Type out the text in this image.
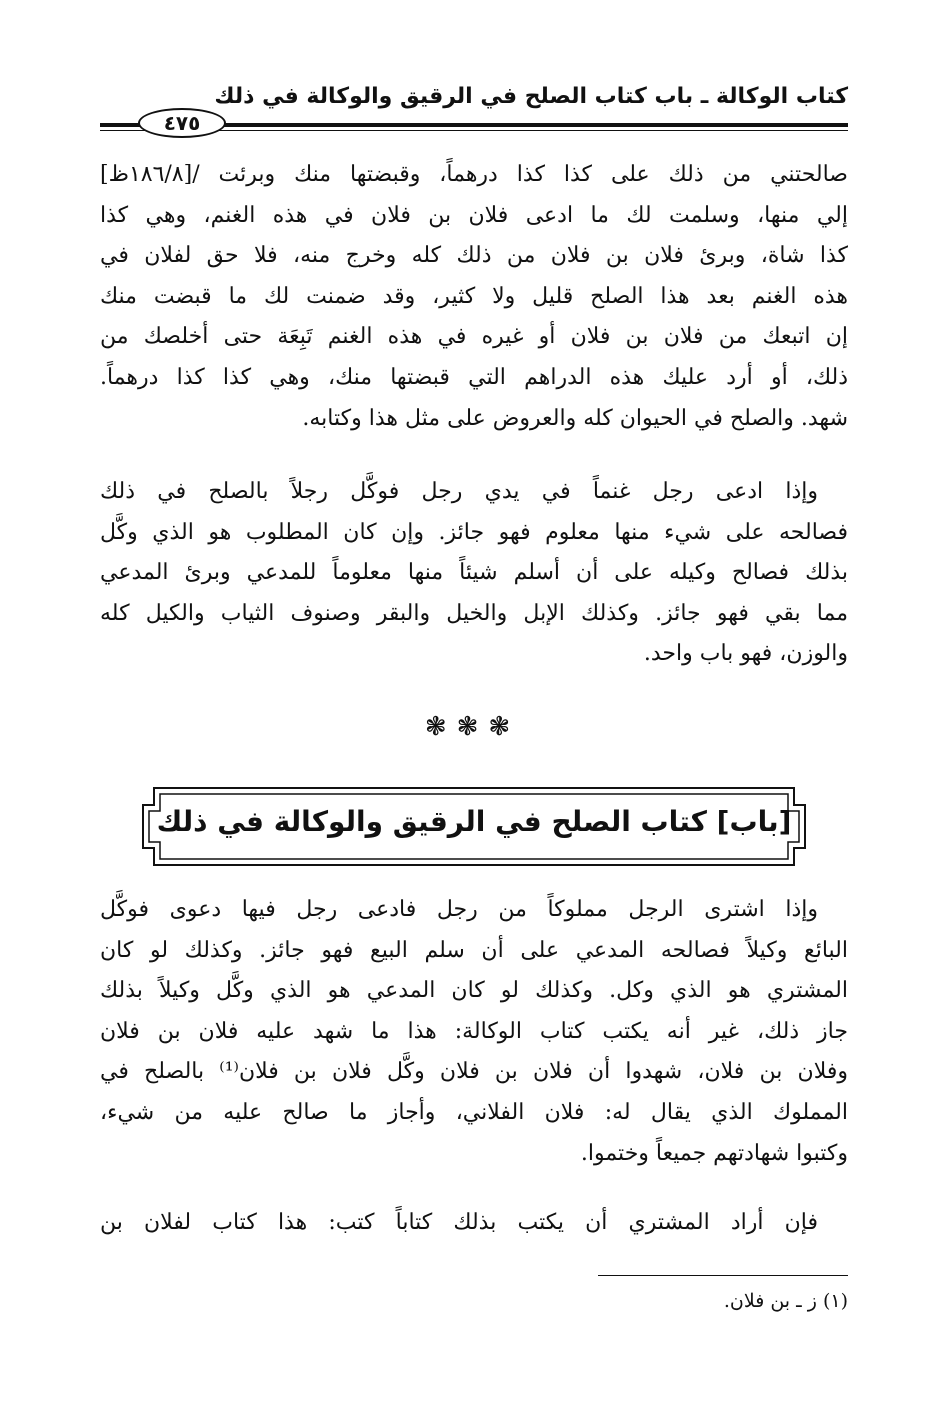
كتاب الوكالة ـ باب كتاب الصلح في الرقيق والوكالة في ذلك
٤٧٥
صالحتني من ذلك على كذا كذا درهماً، وقبضتها منك وبرئت /[١٨٦/٨ظ]
إلي منها، وسلمت لك ما ادعى فلان بن فلان في هذه الغنم، وهي كذا
كذا شاة، وبرئ فلان بن فلان من ذلك كله وخرج منه، فلا حق لفلان في
هذه الغنم بعد هذا الصلح قليل ولا كثير، وقد ضمنت لك ما قبضت منك
إن اتبعك من فلان بن فلان أو غيره في هذه الغنم تَبِعَة حتى أخلصك من
ذلك، أو أرد عليك هذه الدراهم التي قبضتها منك، وهي كذا كذا درهماً.
شهد. والصلح في الحيوان كله والعروض على مثل هذا وكتابه.
وإذا ادعى رجل غنماً في يدي رجل فوكَّل رجلاً بالصلح في ذلك
فصالحه على شيء منها معلوم فهو جائز. وإن كان المطلوب هو الذي وكَّل
بذلك فصالح وكيله على أن أسلم شيئاً منها معلوماً للمدعي وبرئ المدعي
مما بقي فهو جائز. وكذلك الإبل والخيل والبقر وصنوف الثياب والكيل كله
والوزن، فهو باب واحد.
❃❃❃
[باب] كتاب الصلح في الرقيق والوكالة في ذلك
وإذا اشترى الرجل مملوكاً من رجل فادعى رجل فيها دعوى فوكَّل
البائع وكيلاً فصالحه المدعي على أن سلم البيع فهو جائز. وكذلك لو كان
المشتري هو الذي وكل. وكذلك لو كان المدعي هو الذي وكَّل وكيلاً بذلك
جاز ذلك، غير أنه يكتب كتاب الوكالة: هذا ما شهد عليه فلان بن فلان
وفلان بن فلان، شهدوا أن فلان بن فلان وكَّل فلان بن فلان⁽¹⁾ بالصلح في
المملوك الذي يقال له: فلان الفلاني، وأجاز ما صالح عليه من شيء،
وكتبوا شهادتهم جميعاً وختموا.
فإن أراد المشتري أن يكتب بذلك كتاباً كتب: هذا كتاب لفلان بن
(١) ز ـ بن فلان.
